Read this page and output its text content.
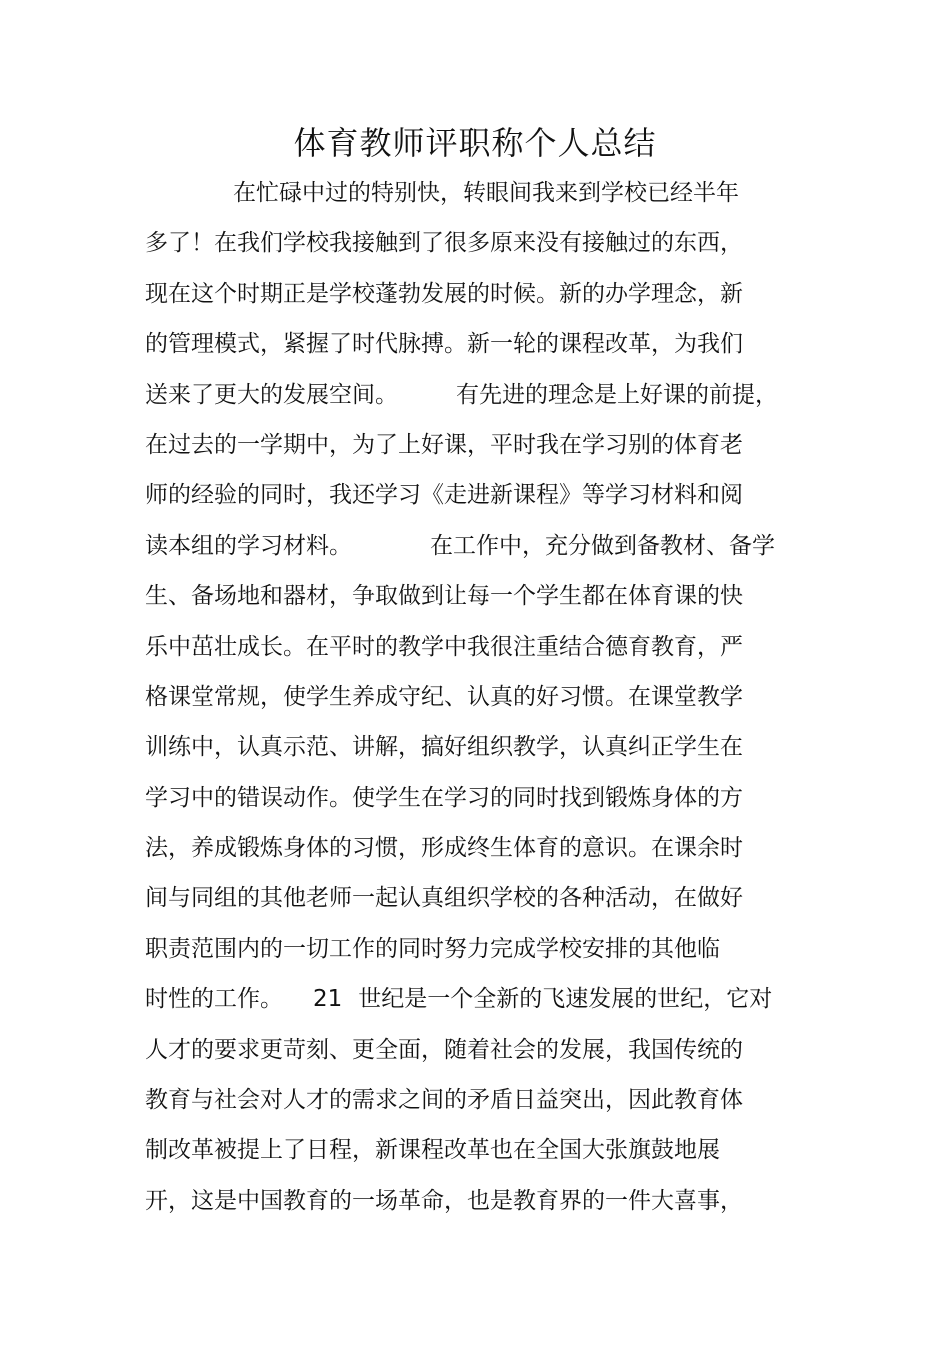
体育教师评职称个人总结
在忙碌中过的特别快，转眼间我来到学校已经半年
多了！在我们学校我接触到了很多原来没有接触过的东西，
现在这个时期正是学校蓬勃发展的时候。新的办学理念，新
的管理模式，紧握了时代脉搏。新一轮的课程改革，为我们
送来了更大的发展空间。	有先进的理念是上好课的前提，
在过去的一学期中，为了上好课，平时我在学习别的体育老
师的经验的同时，我还学习《走进新课程》等学习材料和阅
读本组的学习材料。	在工作中，充分做到备教材、备学
生、备场地和器材，争取做到让每一个学生都在体育课的快
乐中茁壮成长。在平时的教学中我很注重结合德育教育，严
格课堂常规，使学生养成守纪、认真的好习惯。在课堂教学
训练中，认真示范、讲解，搞好组织教学，认真纠正学生在
学习中的错误动作。使学生在学习的同时找到锻炼身体的方
法，养成锻炼身体的习惯，形成终生体育的意识。在课余时
间与同组的其他老师一起认真组织学校的各种活动，在做好
职责范围内的一切工作的同时努力完成学校安排的其他临
时性的工作。 21 世纪是一个全新的飞速发展的世纪，它对
人才的要求更苛刻、更全面，随着社会的发展，我国传统的
教育与社会对人才的需求之间的矛盾日益突出，因此教育体
制改革被提上了日程，新课程改革也在全国大张旗鼓地展
开，这是中国教育的一场革命，也是教育界的一件大喜事，
